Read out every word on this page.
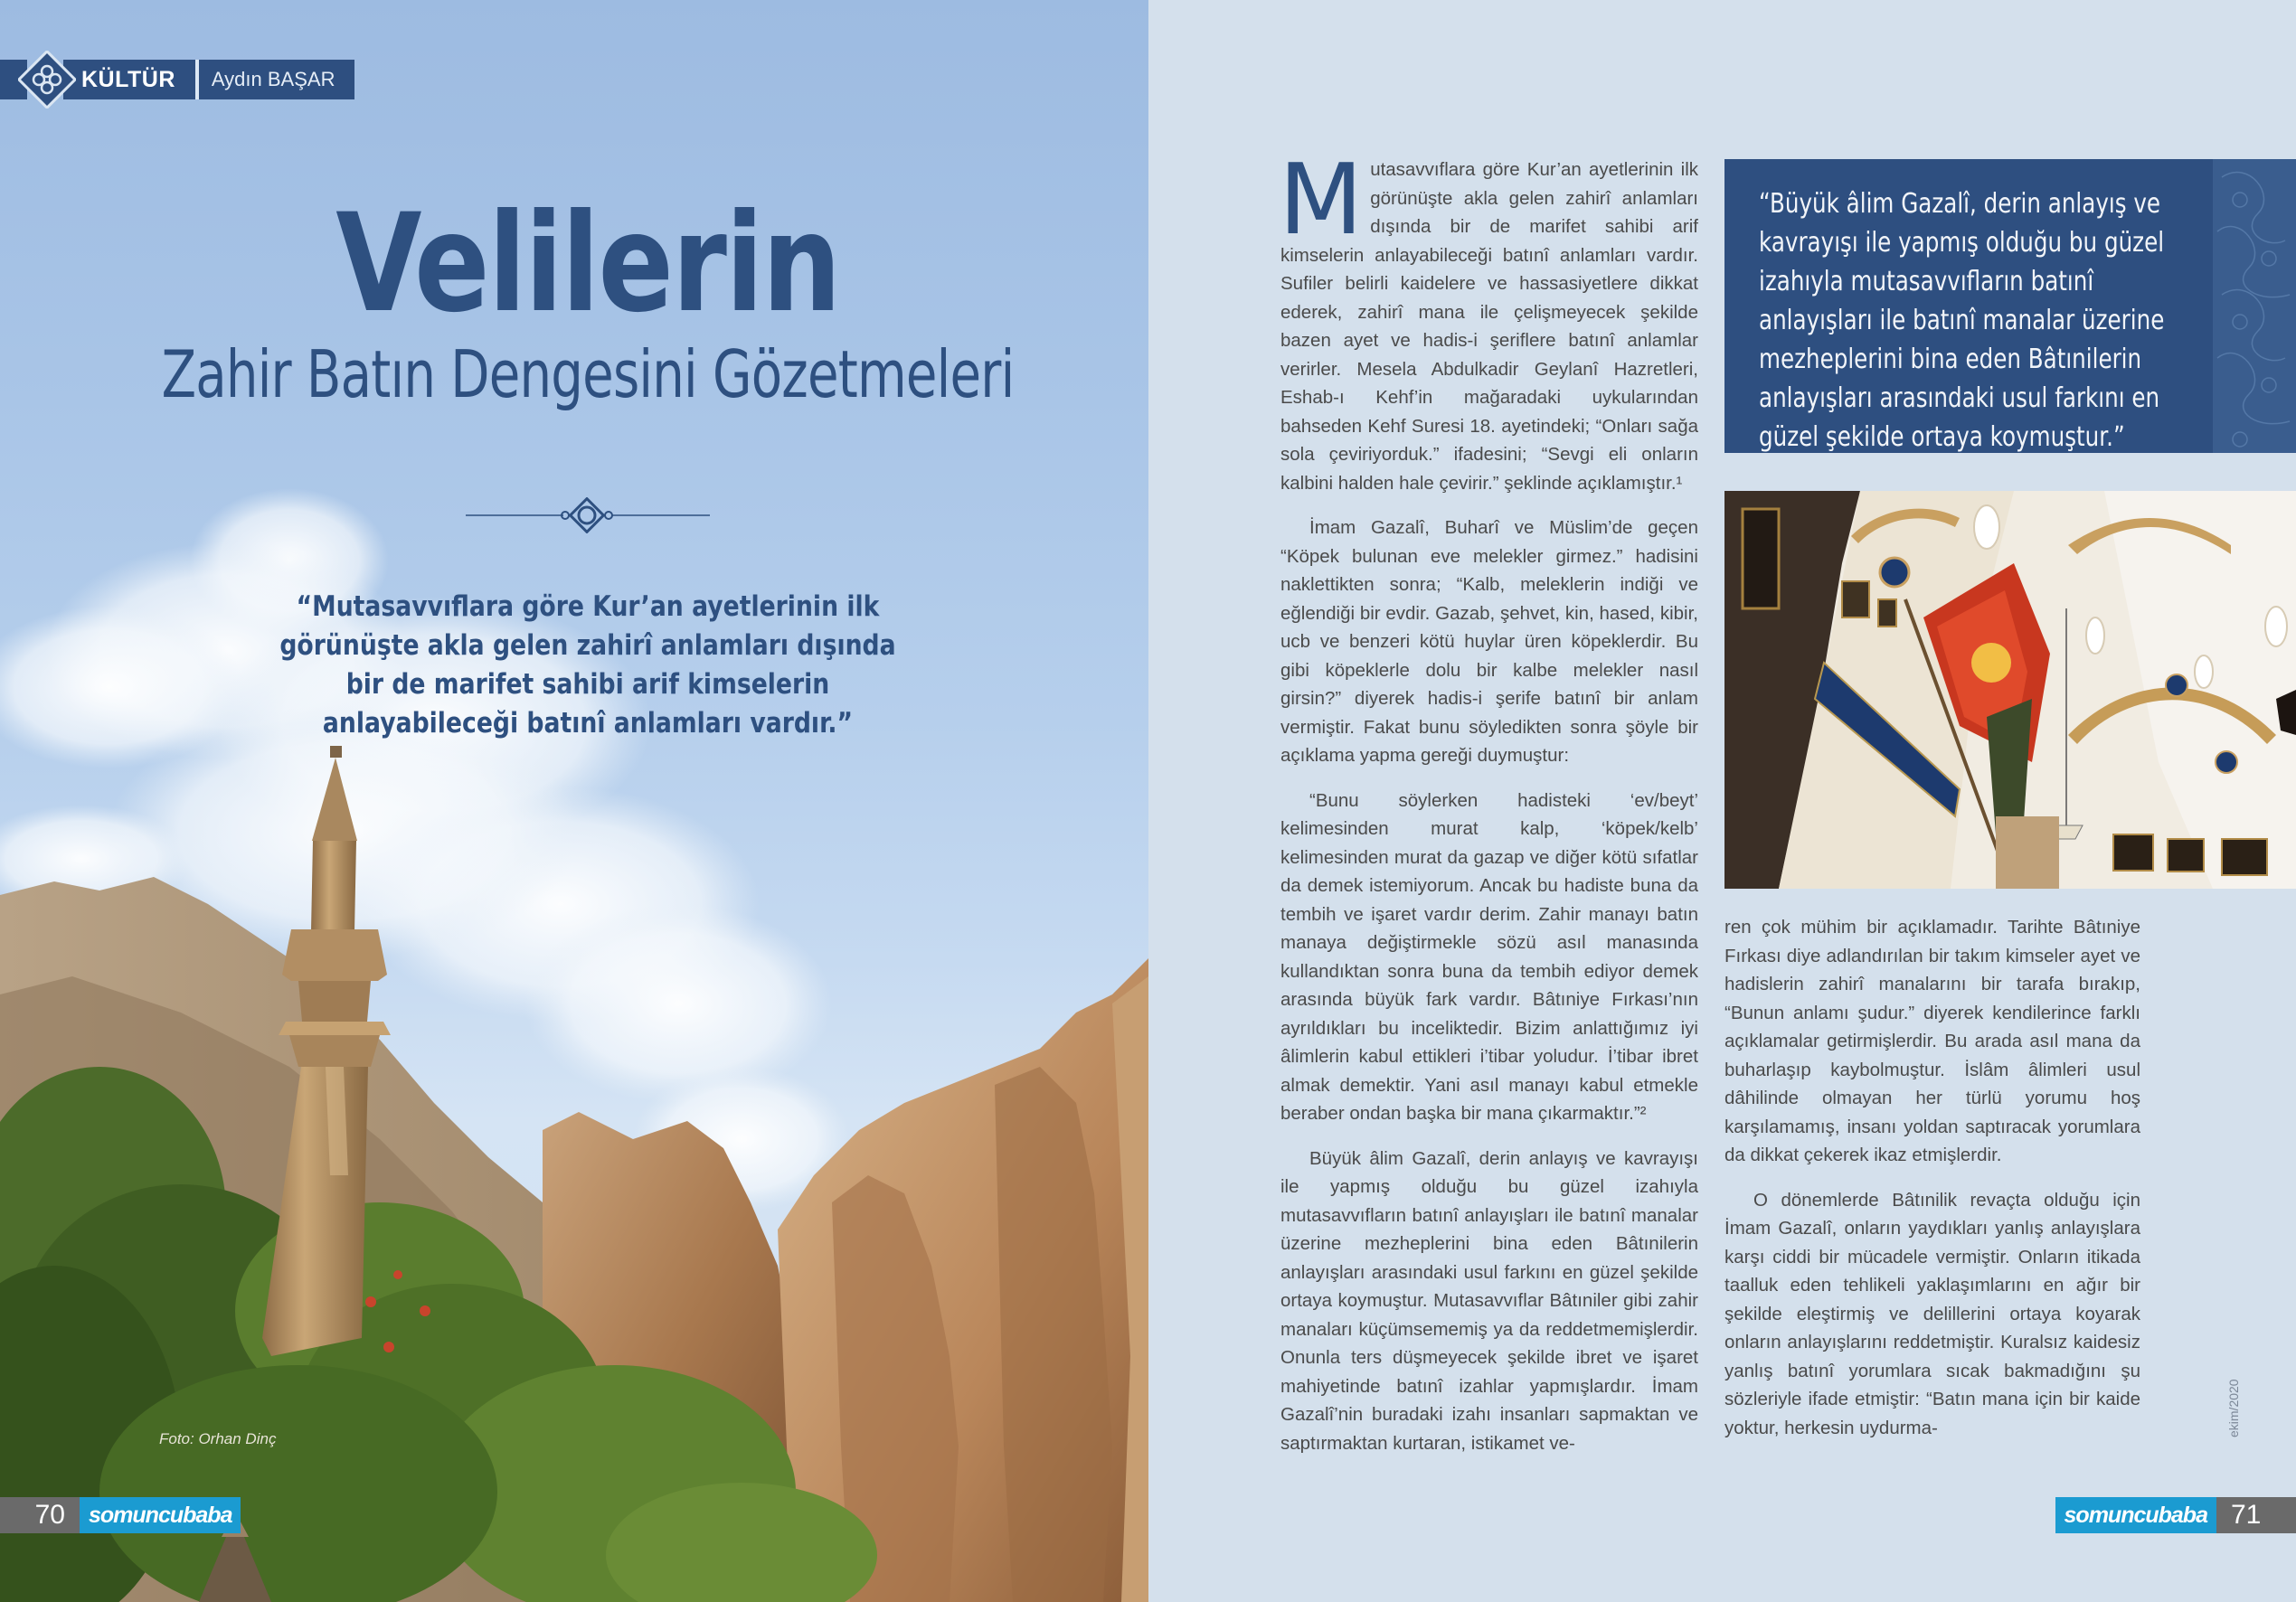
KÜLTÜR	Aydın BAŞAR
Velilerin
Zahir Batın Dengesini Gözetmeleri
“Mutasavvıflara göre Kur’an ayetlerinin ilk görünüşte akla gelen zahirî anlamları dışında bir de marifet sahibi arif kimselerin anlayabileceği batınî anlamları vardır.”
Foto: Orhan Dinç
70	somuncubaba

Mutasavvıflara göre Kur’an ayetlerinin ilk görünüşte akla gelen zahirî anlamları dışında bir de marifet sahibi arif kimselerin anlayabileceği batınî anlamları vardır. Sufiler belirli kaidelere ve hassasiyetlere dikkat ederek, zahirî mana ile çelişmeyecek şekilde bazen ayet ve hadis-i şeriflere batınî anlamlar verirler. Mesela Abdulkadir Geylanî Hazretleri, Eshab-ı Kehf’in mağaradaki uykularından bahseden Kehf Suresi 18. ayetindeki; “Onları sağa sola çeviriyorduk.” ifadesini; “Sevgi eli onların kalbini halden hale çevirir.” şeklinde açıklamıştır.¹

İmam Gazalî, Buharî ve Müslim’de geçen “Köpek bulunan eve melekler girmez.” hadisini naklettikten sonra; “Kalb, meleklerin indiği ve eğlendiği bir evdir. Gazab, şehvet, kin, hased, kibir, ucb ve benzeri kötü huylar üren köpeklerdir. Bu gibi köpeklerle dolu bir kalbe melekler nasıl girsin?” diyerek hadis-i şerife batınî bir anlam vermiştir. Fakat bunu söyledikten sonra şöyle bir açıklama yapma gereği duymuştur:

“Bunu söylerken hadisteki ‘ev/beyt’ kelimesinden murat kalp, ‘köpek/kelb’ kelimesinden murat da gazap ve diğer kötü sıfatlar da demek istemiyorum. Ancak bu hadiste buna da tembih ve işaret vardır derim. Zahir manayı batın manaya değiştirmekle sözü asıl manasında kullandıktan sonra buna da tembih ediyor demek arasında büyük fark vardır. Bâtıniye Fırkası’nın ayrıldıkları bu inceliktedir. Bizim anlattığımız iyi âlimlerin kabul ettikleri i’tibar yoludur. İ’tibar ibret almak demektir. Yani asıl manayı kabul etmekle beraber ondan başka bir mana çıkarmaktır.”²

Büyük âlim Gazalî, derin anlayış ve kavrayışı ile yapmış olduğu bu güzel izahıyla mutasavvıfların batınî anlayışları ile batınî manalar üzerine mezheplerini bina eden Bâtınilerin anlayışları arasındaki usul farkını en güzel şekilde ortaya koymuştur. Mutasavvıflar Bâtıniler gibi zahir manaları küçümsememiş ya da reddetmemişlerdir. Onunla ters düşmeyecek şekilde ibret ve işaret mahiyetinde batınî izahlar yapmışlardır. İmam Gazalî’nin buradaki izahı insanları sapmaktan ve saptırmaktan kurtaran, istikamet ve-

“Büyük âlim Gazalî, derin anlayış ve kavrayışı ile yapmış olduğu bu güzel izahıyla mutasavvıfların batınî anlayışları ile batınî manalar üzerine mezheplerini bina eden Bâtınilerin anlayışları arasındaki usul farkını en güzel şekilde ortaya koymuştur.”

ren çok mühim bir açıklamadır. Tarihte Bâtıniye Fırkası diye adlandırılan bir takım kimseler ayet ve hadislerin zahirî manalarını bir tarafa bırakıp, “Bunun anlamı şudur.” diyerek kendilerince farklı açıklamalar getirmişlerdir. Bu arada asıl mana da buharlaşıp kaybolmuştur. İslâm âlimleri usul dâhilinde olmayan her türlü yorumu hoş karşılamamış, insanı yoldan saptıracak yorumlara da dikkat çekerek ikaz etmişlerdir.

O dönemlerde Bâtınilik revaçta olduğu için İmam Gazalî, onların yaydıkları yanlış anlayışlara karşı ciddi bir mücadele vermiştir. Onların itikada taalluk eden tehlikeli yaklaşımlarını en ağır bir şekilde eleştirmiş ve delillerini ortaya koyarak onların anlayışlarını reddetmiştir. Kuralsız kaidesiz yanlış batınî yorumlara sıcak bakmadığını şu sözleriyle ifade etmiştir: “Batın mana için bir kaide yoktur, herkesin uydurma-	ekim/2020
somuncubaba 71
